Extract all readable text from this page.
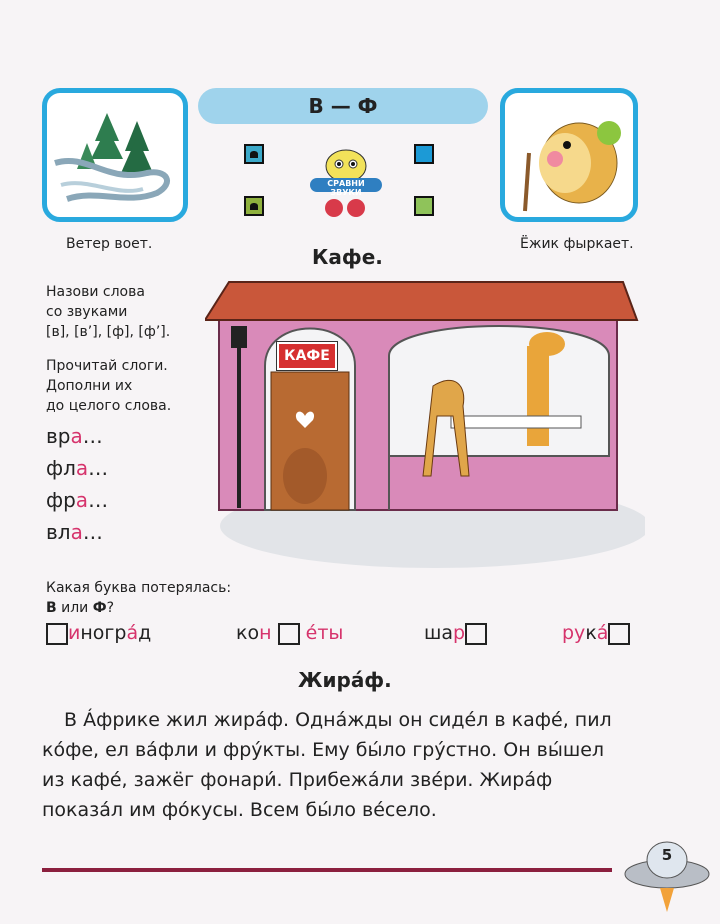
В — Ф
СРАВНИ ЗВУКИ
Ветер воет.	Ёжик фыркает.
Кафе.
Назови слова
со звуками
[в], [в’], [ф], [ф’].
Прочитай слоги.
Дополни их
до целого слова.
вра…
фла…
фра…
вла…
Какая буква потерялась:
В или Ф?
КАФЕ
иногрáд	кон éты	шар	рукá
Жирáф.
В Áфрике жил жирáф. Однáжды он сидéл в кафé, пил
кóфе, ел вáфли и фрýкты. Ему бы́ло грýстно. Он вы́шел
из кафé, зажёг фонари́. Прибежáли звéри. Жирáф
показáл им фóкусы. Всем бы́ло вéсело.
5
